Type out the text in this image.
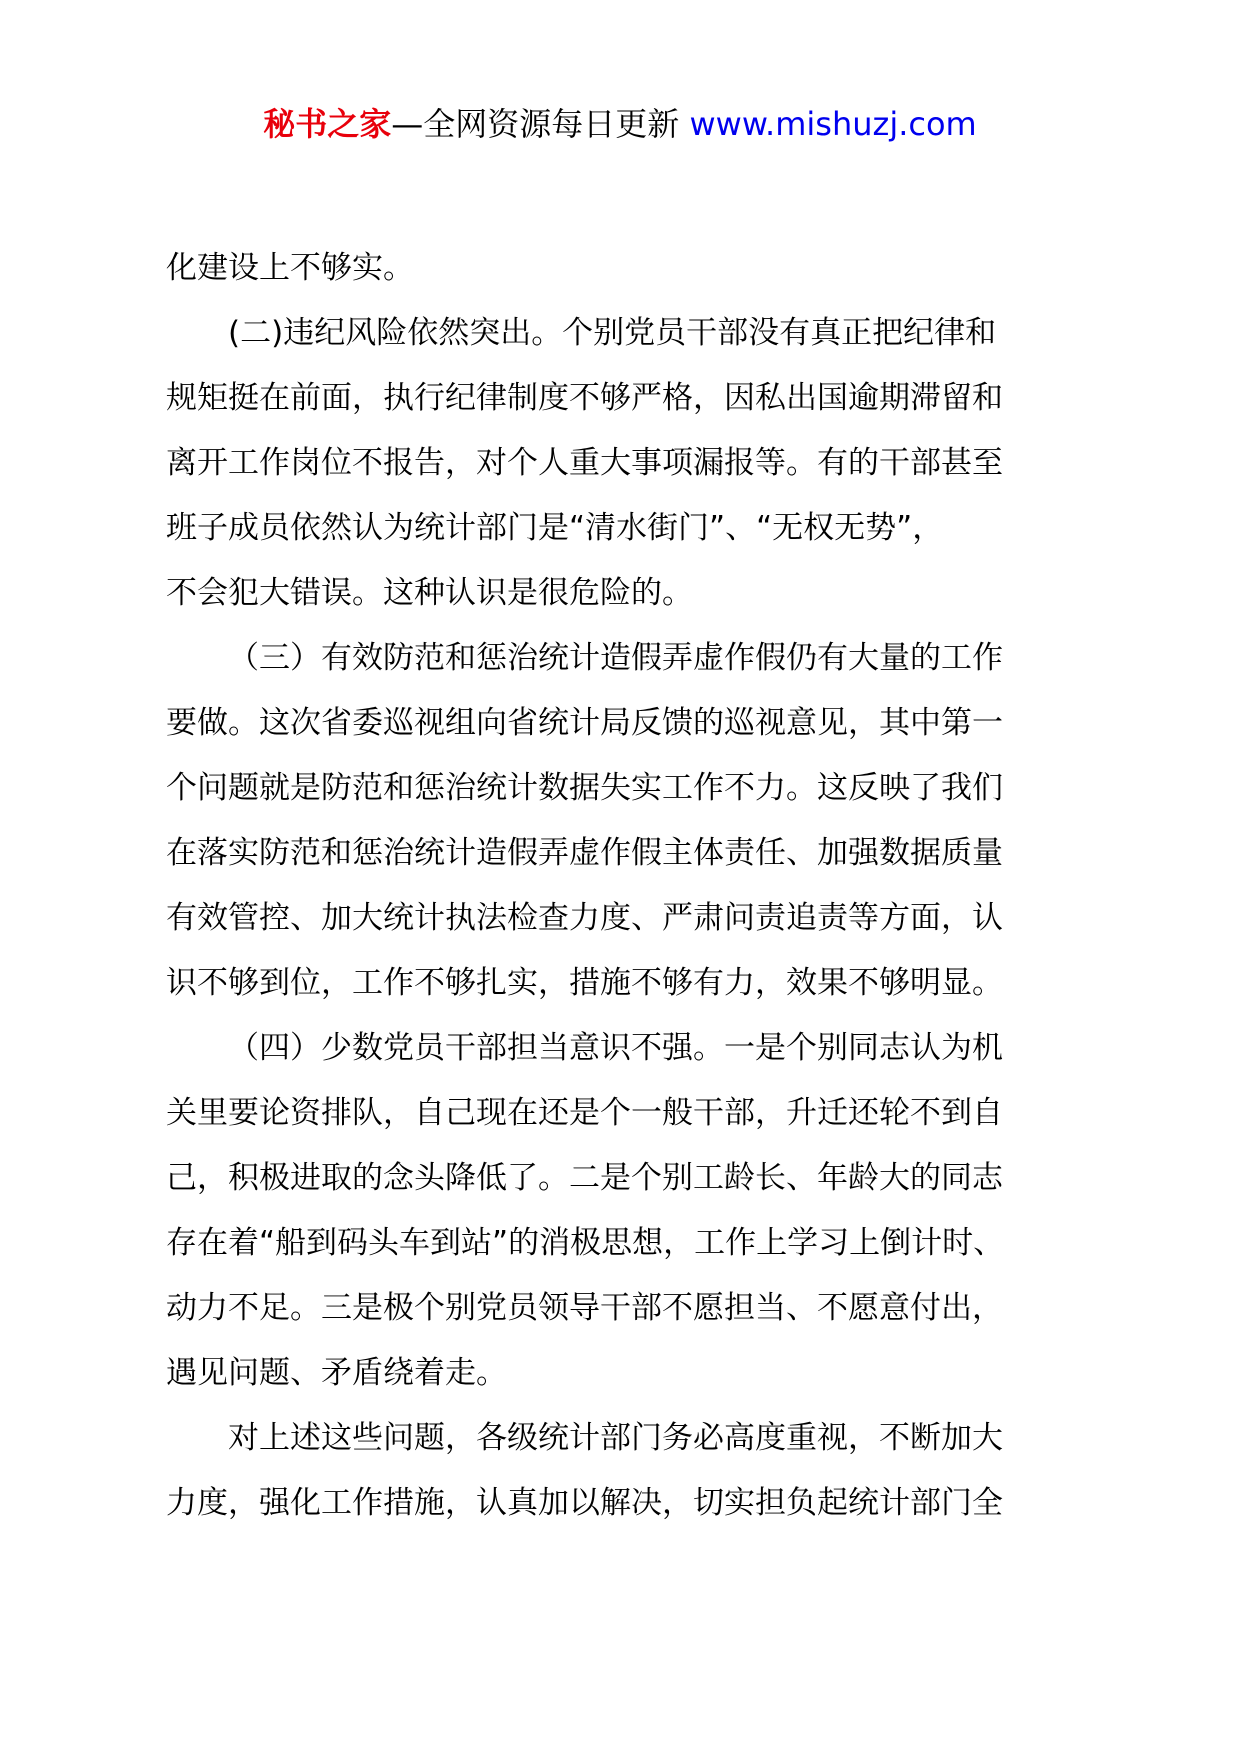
秘书之家—全网资源每日更新 www.mishuzj.com
化建设上不够实。
(二)违纪风险依然突出。个别党员干部没有真正把纪律和
规矩挺在前面，执行纪律制度不够严格，因私出国逾期滞留和
离开工作岗位不报告，对个人重大事项漏报等。有的干部甚至
班子成员依然认为统计部门是“清水街门”、“无权无势”，
不会犯大错误。这种认识是很危险的。
（三）有效防范和惩治统计造假弄虚作假仍有大量的工作
要做。这次省委巡视组向省统计局反馈的巡视意见，其中第一
个问题就是防范和惩治统计数据失实工作不力。这反映了我们
在落实防范和惩治统计造假弄虚作假主体责任、加强数据质量
有效管控、加大统计执法检查力度、严肃问责追责等方面，认
识不够到位，工作不够扎实，措施不够有力，效果不够明显。
（四）少数党员干部担当意识不强。一是个别同志认为机
关里要论资排队，自己现在还是个一般干部，升迁还轮不到自
己，积极进取的念头降低了。二是个别工龄长、年龄大的同志
存在着“船到码头车到站”的消极思想，工作上学习上倒计时、
动力不足。三是极个别党员领导干部不愿担当、不愿意付出，
遇见问题、矛盾绕着走。
对上述这些问题，各级统计部门务必高度重视，不断加大
力度，强化工作措施，认真加以解决，切实担负起统计部门全
